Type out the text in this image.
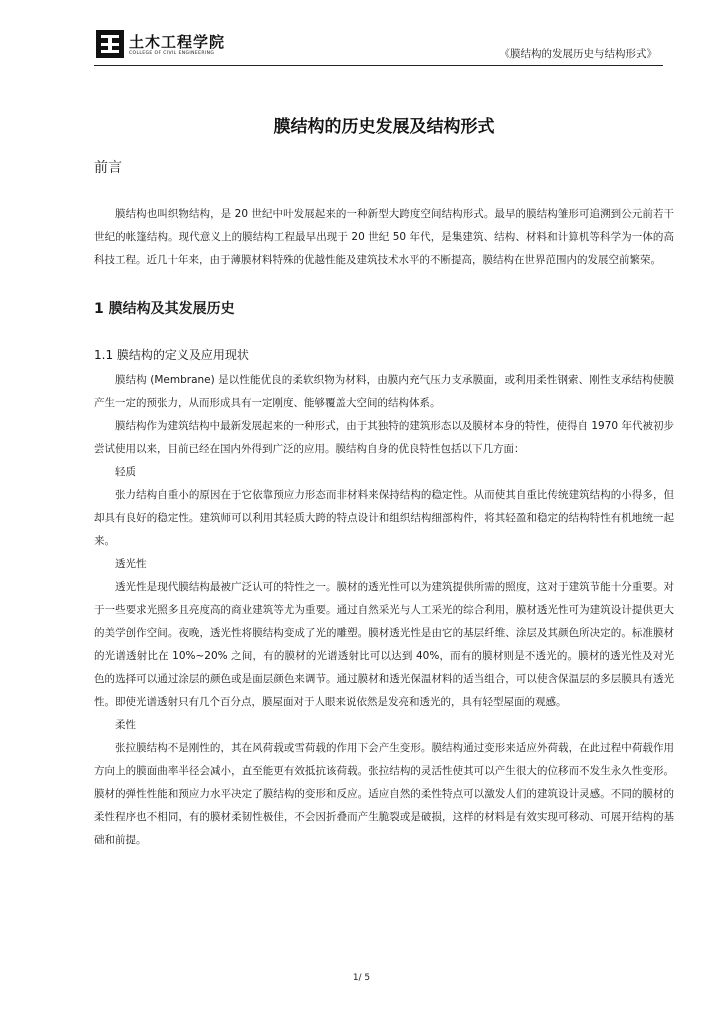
土木工程学院
COLLEGE OF CIVIL ENGINEERING	《膜结构的发展历史与结构形式》
膜结构的历史发展及结构形式
前言

膜结构也叫织物结构，是 20 世纪中叶发展起来的一种新型大跨度空间结构形式。最早的膜结构雏形可追溯到公元前若干世纪的帐篷结构。现代意义上的膜结构工程最早出现于 20 世纪 50 年代，是集建筑、结构、材料和计算机等科学为一体的高科技工程。近几十年来，由于薄膜材料特殊的优越性能及建筑技术水平的不断提高，膜结构在世界范围内的发展空前繁荣。

1 膜结构及其发展历史
1.1 膜结构的定义及应用现状

膜结构 (Membrane) 是以性能优良的柔软织物为材料，由膜内充气压力支承膜面，或利用柔性钢索、刚性支承结构使膜产生一定的预张力，从而形成具有一定刚度、能够覆盖大空间的结构体系。

膜结构作为建筑结构中最新发展起来的一种形式，由于其独特的建筑形态以及膜材本身的特性，使得自 1970 年代被初步尝试使用以来，目前已经在国内外得到广泛的应用。膜结构自身的优良特性包括以下几方面：

轻质

张力结构自重小的原因在于它依靠预应力形态而非材料来保持结构的稳定性。从而使其自重比传统建筑结构的小得多，但却具有良好的稳定性。建筑师可以利用其轻质大跨的特点设计和组织结构细部构件，将其轻盈和稳定的结构特性有机地统一起来。

透光性

透光性是现代膜结构最被广泛认可的特性之一。膜材的透光性可以为建筑提供所需的照度，这对于建筑节能十分重要。对于一些要求光照多且亮度高的商业建筑等尤为重要。通过自然采光与人工采光的综合利用，膜材透光性可为建筑设计提供更大的美学创作空间。夜晚，透光性将膜结构变成了光的雕塑。膜材透光性是由它的基层纤维、涂层及其颜色所决定的。标准膜材的光谱透射比在 10%~20% 之间，有的膜材的光谱透射比可以达到 40%，而有的膜材则是不透光的。膜材的透光性及对光色的选择可以通过涂层的颜色或是面层颜色来调节。通过膜材和透光保温材料的适当组合，可以使含保温层的多层膜具有透光性。即使光谱透射只有几个百分点，膜屋面对于人眼来说依然是发亮和透光的，具有轻型屋面的观感。

柔性

张拉膜结构不是刚性的，其在风荷载或雪荷载的作用下会产生变形。膜结构通过变形来适应外荷载，在此过程中荷载作用方向上的膜面曲率半径会减小，直至能更有效抵抗该荷载。张拉结构的灵活性使其可以产生很大的位移而不发生永久性变形。膜材的弹性性能和预应力水平决定了膜结构的变形和反应。适应自然的柔性特点可以激发人们的建筑设计灵感。不同的膜材的柔性程序也不相同，有的膜材柔韧性极佳，不会因折叠而产生脆裂或是破损，这样的材料是有效实现可移动、可展开结构的基础和前提。

1/ 5
